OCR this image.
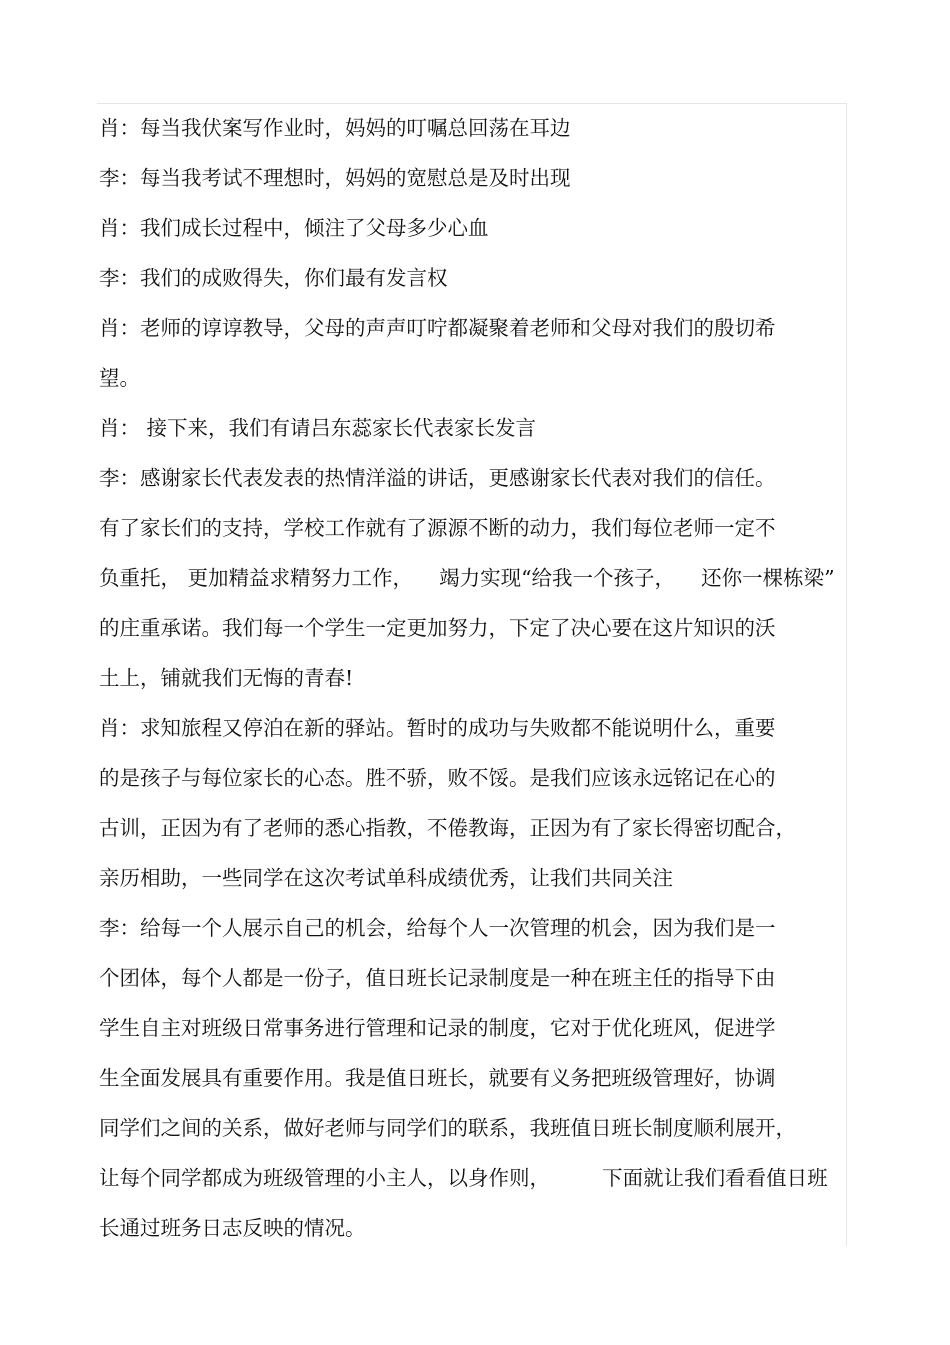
肖：每当我伏案写作业时，妈妈的叮嘱总回荡在耳边
李：每当我考试不理想时，妈妈的宽慰总是及时出现
肖：我们成长过程中，倾注了父母多少心血
李：我们的成败得失，你们最有发言权
肖：老师的谆谆教导，父母的声声叮咛都凝聚着老师和父母对我们的殷切希
望。
肖： 接下来，我们有请吕东蕊家长代表家长发言
李：感谢家长代表发表的热情洋溢的讲话，更感谢家长代表对我们的信任。
有了家长们的支持，学校工作就有了源源不断的动力，我们每位老师一定不
负重托， 更加精益求精努力工作，    竭力实现“给我一个孩子，    还你一棵栋梁”
的庄重承诺。我们每一个学生一定更加努力，下定了决心要在这片知识的沃
土上，铺就我们无悔的青春!
肖：求知旅程又停泊在新的驿站。暂时的成功与失败都不能说明什么，重要
的是孩子与每位家长的心态。胜不骄，败不馁。是我们应该永远铭记在心的
古训，正因为有了老师的悉心指教，不倦教诲，正因为有了家长得密切配合，
亲历相助，一些同学在这次考试单科成绩优秀，让我们共同关注
李：给每一个人展示自己的机会，给每个人一次管理的机会，因为我们是一
个团体，每个人都是一份子，值日班长记录制度是一种在班主任的指导下由
学生自主对班级日常事务进行管理和记录的制度，它对于优化班风，促进学
生全面发展具有重要作用。我是值日班长，就要有义务把班级管理好，协调
同学们之间的关系，做好老师与同学们的联系，我班值日班长制度顺利展开，
让每个同学都成为班级管理的小主人，以身作则，        下面就让我们看看值日班
长通过班务日志反映的情况。
